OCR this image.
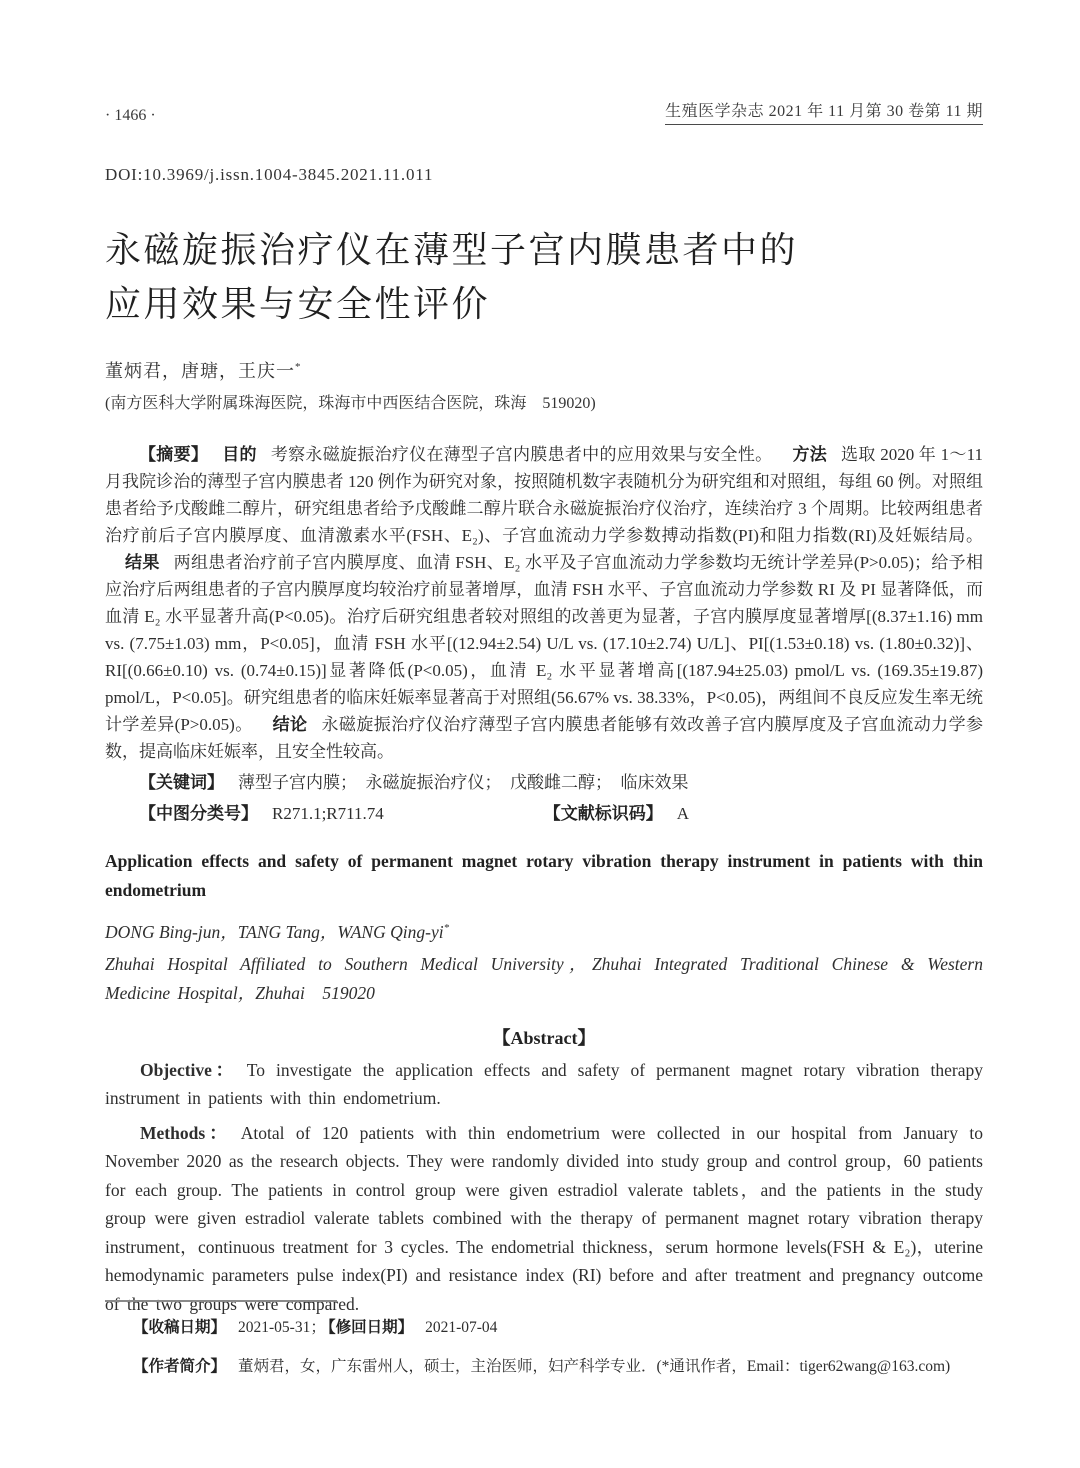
· 1466 ·	生殖医学杂志 2021 年 11 月第 30 卷第 11 期
DOI:10.3969/j.issn.1004-3845.2021.11.011
永磁旋振治疗仪在薄型子宫内膜患者中的
应用效果与安全性评价
董炳君，唐瑭，王庆一*
(南方医科大学附属珠海医院，珠海市中西医结合医院，珠海　519020)

【摘要】 目的 考察永磁旋振治疗仪在薄型子宫内膜患者中的应用效果与安全性。 方法 选取 2020 年 1～11 月我院诊治的薄型子宫内膜患者 120 例作为研究对象，按照随机数字表随机分为研究组和对照组，每组 60 例。对照组患者给予戊酸雌二醇片，研究组患者给予戊酸雌二醇片联合永磁旋振治疗仪治疗，连续治疗 3 个周期。比较两组患者治疗前后子宫内膜厚度、血清激素水平(FSH、E₂)、子宫血流动力学参数搏动指数(PI)和阻力指数(RI)及妊娠结局。结果 两组患者治疗前子宫内膜厚度、血清 FSH、E₂ 水平及子宫血流动力学参数均无统计学差异(P>0.05)；给予相应治疗后两组患者的子宫内膜厚度均较治疗前显著增厚，血清 FSH 水平、子宫血流动力学参数 RI 及 PI 显著降低，而血清 E₂ 水平显著升高(P<0.05)。治疗后研究组患者较对照组的改善更为显著，子宫内膜厚度显著增厚[(8.37±1.16) mm vs. (7.75±1.03) mm，P<0.05]，血清 FSH 水平[(12.94±2.54) U/L vs. (17.10±2.74) U/L]、PI[(1.53±0.18) vs. (1.80±0.32)]、RI[(0.66±0.10) vs. (0.74±0.15)]显著降低(P<0.05)，血清 E₂ 水平显著增高[(187.94±25.03) pmol/L vs. (169.35±19.87) pmol/L，P<0.05]。研究组患者的临床妊娠率显著高于对照组(56.67% vs. 38.33%，P<0.05)，两组间不良反应发生率无统计学差异(P>0.05)。 结论 永磁旋振治疗仪治疗薄型子宫内膜患者能够有效改善子宫内膜厚度及子宫血流动力学参数，提高临床妊娠率，且安全性较高。

【关键词】 薄型子宫内膜；　永磁旋振治疗仪；　戊酸雌二醇；　临床效果

【中图分类号】 R271.1;R711.74	【文献标识码】 A

Application effects and safety of permanent magnet rotary vibration therapy instrument in patients with thin endometrium

DONG Bing-jun，TANG Tang，WANG Qing-yi*

Zhuhai Hospital Affiliated to Southern Medical University，Zhuhai Integrated Traditional Chinese & Western Medicine Hospital，Zhuhai　519020

【Abstract】

Objective： To investigate the application effects and safety of permanent magnet rotary vibration therapy instrument in patients with thin endometrium.

Methods： Atotal of 120 patients with thin endometrium were collected in our hospital from January to November 2020 as the research objects. They were randomly divided into study group and control group，60 patients for each group. The patients in control group were given estradiol valerate tablets，and the patients in the study group were given estradiol valerate tablets combined with the therapy of permanent magnet rotary vibration therapy instrument，continuous treatment for 3 cycles. The endometrial thickness，serum hormone levels(FSH & E₂)，uterine hemodynamic parameters pulse index(PI) and resistance index (RI) before and after treatment and pregnancy outcome of the two groups were compared.

【收稿日期】 2021-05-31； 【修回日期】 2021-07-04

【作者简介】 董炳君，女，广东雷州人，硕士，主治医师，妇产科学专业．(*通讯作者，Email：tiger62wang@163.com)
